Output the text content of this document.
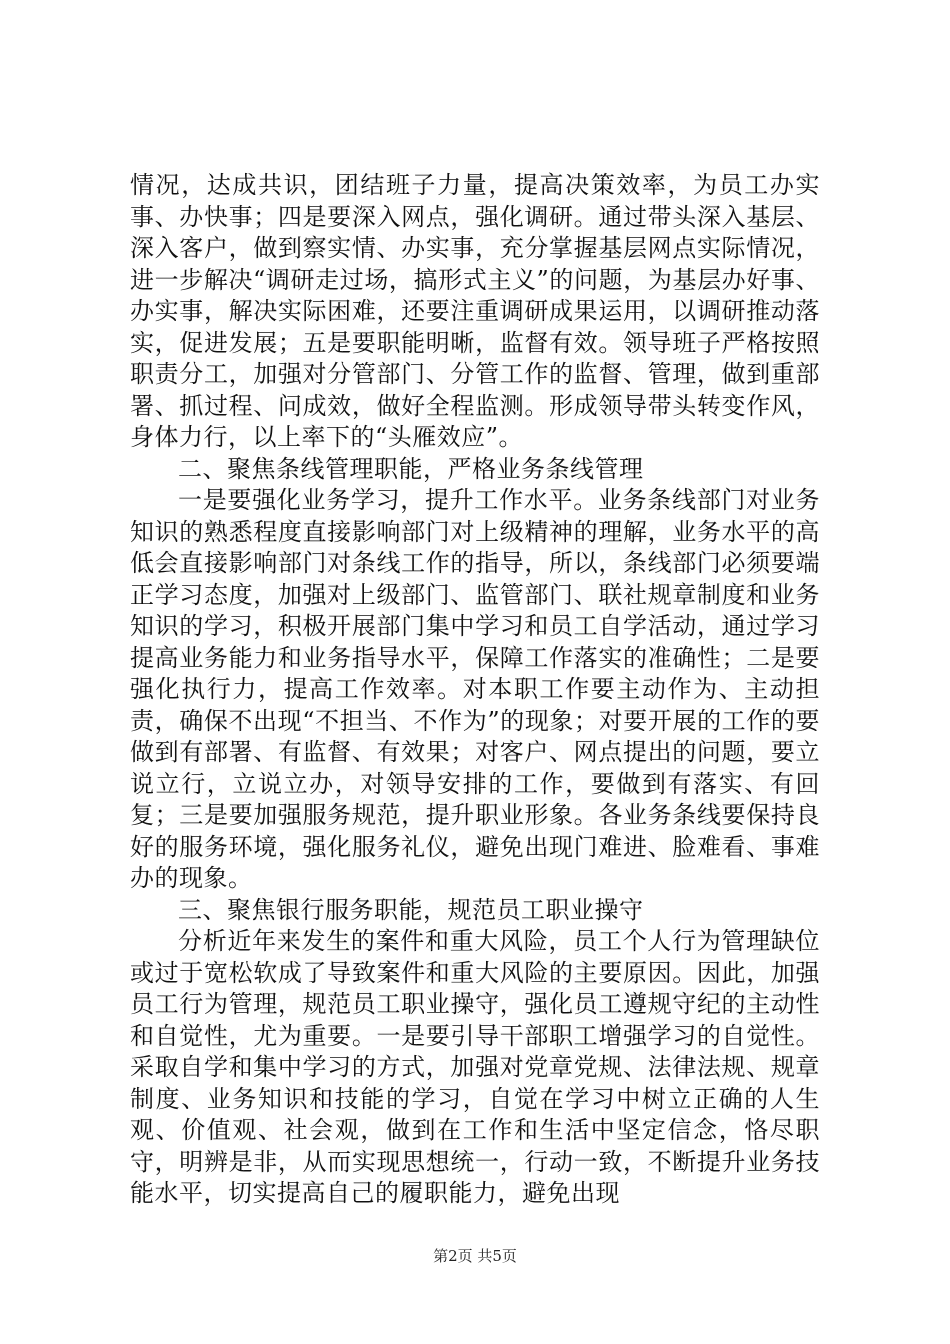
情况，达成共识，团结班子力量，提高决策效率，为员工办实事、办快事；四是要深入网点，强化调研。通过带头深入基层、深入客户，做到察实情、办实事，充分掌握基层网点实际情况，进一步解决“调研走过场，搞形式主义”的问题，为基层办好事、办实事，解决实际困难，还要注重调研成果运用，以调研推动落实，促进发展；五是要职能明晰，监督有效。领导班子严格按照职责分工，加强对分管部门、分管工作的监督、管理，做到重部署、抓过程、问成效，做好全程监测。形成领导带头转变作风，身体力行，以上率下的“头雁效应”。

二、聚焦条线管理职能，严格业务条线管理

一是要强化业务学习，提升工作水平。业务条线部门对业务知识的熟悉程度直接影响部门对上级精神的理解，业务水平的高低会直接影响部门对条线工作的指导，所以，条线部门必须要端正学习态度，加强对上级部门、监管部门、联社规章制度和业务知识的学习，积极开展部门集中学习和员工自学活动，通过学习提高业务能力和业务指导水平，保障工作落实的准确性；二是要强化执行力，提高工作效率。对本职工作要主动作为、主动担责，确保不出现“不担当、不作为”的现象；对要开展的工作的要做到有部署、有监督、有效果；对客户、网点提出的问题，要立说立行，立说立办，对领导安排的工作，要做到有落实、有回复；三是要加强服务规范，提升职业形象。各业务条线要保持良好的服务环境，强化服务礼仪，避免出现门难进、脸难看、事难办的现象。

三、聚焦银行服务职能，规范员工职业操守

分析近年来发生的案件和重大风险，员工个人行为管理缺位或过于宽松软成了导致案件和重大风险的主要原因。因此，加强员工行为管理，规范员工职业操守，强化员工遵规守纪的主动性和自觉性，尤为重要。一是要引导干部职工增强学习的自觉性。采取自学和集中学习的方式，加强对党章党规、法律法规、规章制度、业务知识和技能的学习，自觉在学习中树立正确的人生观、价值观、社会观，做到在工作和生活中坚定信念，恪尽职守，明辨是非，从而实现思想统一，行动一致，不断提升业务技能水平，切实提高自己的履职能力，避免出现

第2页 共5页
